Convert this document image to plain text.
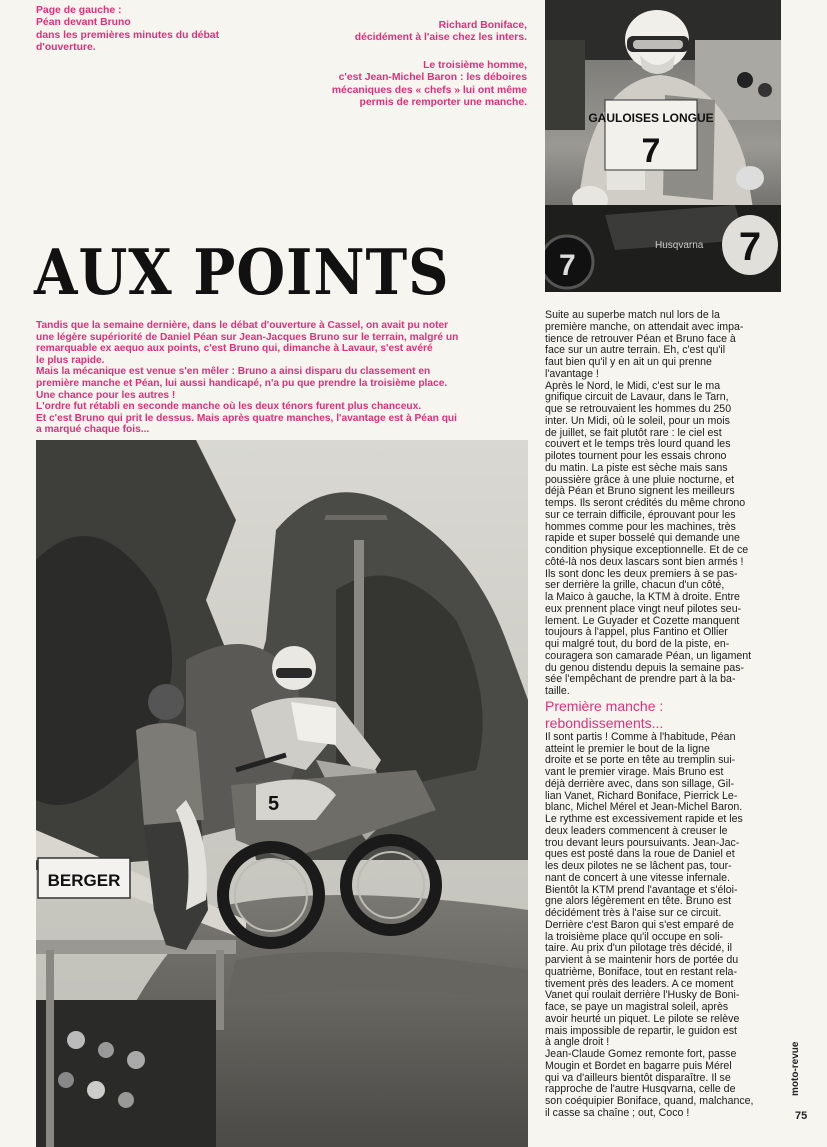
Page de gauche :
Péan devant Bruno
dans les premières minutes du débat
d'ouverture.
Richard Boniface,
décidément à l'aise chez les inters.
Le troisième homme,
c'est Jean-Michel Baron : les déboires
mécaniques des « chefs » lui ont même
permis de remporter une manche.
GAULOISES LONGUE
7
Husqvarna 7
7
AUX POINTS
Tandis que la semaine dernière, dans le débat d'ouverture à Cassel, on avait pu noter
une légère supériorité de Daniel Péan sur Jean-Jacques Bruno sur le terrain, malgré un
remarquable ex aequo aux points, c'est Bruno qui, dimanche à Lavaur, s'est avéré
le plus rapide.
Mais la mécanique est venue s'en mêler : Bruno a ainsi disparu du classement en
première manche et Péan, lui aussi handicapé, n'a pu que prendre la troisième place.
Une chance pour les autres !
L'ordre fut rétabli en seconde manche où les deux ténors furent plus chanceux.
Et c'est Bruno qui prit le dessus. Mais après quatre manches, l'avantage est à Péan qui
a marqué chaque fois...
BERGER
5
Suite au superbe match nul lors de la
première manche, on attendait avec impa-
tience de retrouver Péan et Bruno face à
face sur un autre terrain. Eh, c'est qu'il
faut bien qu'il y en ait un qui prenne
l'avantage !
Après le Nord, le Midi, c'est sur le ma
gnifique circuit de Lavaur, dans le Tarn,
que se retrouvaient les hommes du 250
inter. Un Midi, où le soleil, pour un mois
de juillet, se fait plutôt rare : le ciel est
couvert et le temps très lourd quand les
pilotes tournent pour les essais chrono
du matin. La piste est sèche mais sans
poussière grâce à une pluie nocturne, et
déjà Péan et Bruno signent les meilleurs
temps. Ils seront crédités du même chrono
sur ce terrain difficile, éprouvant pour les
hommes comme pour les machines, très
rapide et super bosselé qui demande une
condition physique exceptionnelle. Et de ce
côté-là nos deux lascars sont bien armés !
Ils sont donc les deux premiers à se pas-
ser derrière la grille, chacun d'un côté,
la Maico à gauche, la KTM à droite. Entre
eux prennent place vingt neuf pilotes seu-
lement. Le Guyader et Cozette manquent
toujours à l'appel, plus Fantino et Ollier
qui malgré tout, du bord de la piste, en-
couragera son camarade Péan, un ligament
du genou distendu depuis la semaine pas-
sée l'empêchant de prendre part à la ba-
taille.
Première manche :
rebondissements...
Il sont partis ! Comme à l'habitude, Péan
atteint le premier le bout de la ligne
droite et se porte en tête au tremplin sui-
vant le premier virage. Mais Bruno est
déjà derrière avec, dans son sillage, Gil-
lian Vanet, Richard Boniface, Pierrick Le-
blanc, Michel Mérel et Jean-Michel Baron.
Le rythme est excessivement rapide et les
deux leaders commencent à creuser le
trou devant leurs poursuivants. Jean-Jac-
ques est posté dans la roue de Daniel et
les deux pilotes ne se lâchent pas, tour-
nant de concert à une vitesse infernale.
Bientôt la KTM prend l'avantage et s'éloi-
gne alors légèrement en tête. Bruno est
décidément très à l'aise sur ce circuit.
Derrière c'est Baron qui s'est emparé de
la troisième place qu'il occupe en soli-
taire. Au prix d'un pilotage très décidé, il
parvient à se maintenir hors de portée du
quatrième, Boniface, tout en restant rela-
tivement près des leaders. A ce moment
Vanet qui roulait derrière l'Husky de Boni-
face, se paye un magistral soleil, après
avoir heurté un piquet. Le pilote se relève
mais impossible de repartir, le guidon est
à angle droit !
Jean-Claude Gomez remonte fort, passe
Mougin et Bordet en bagarre puis Mérel
qui va d'ailleurs bientôt disparaître. Il se
rapproche de l'autre Husqvarna, celle de
son coéquipier Boniface, quand, malchance,
il casse sa chaîne ; out, Coco !
moto-revue
75
